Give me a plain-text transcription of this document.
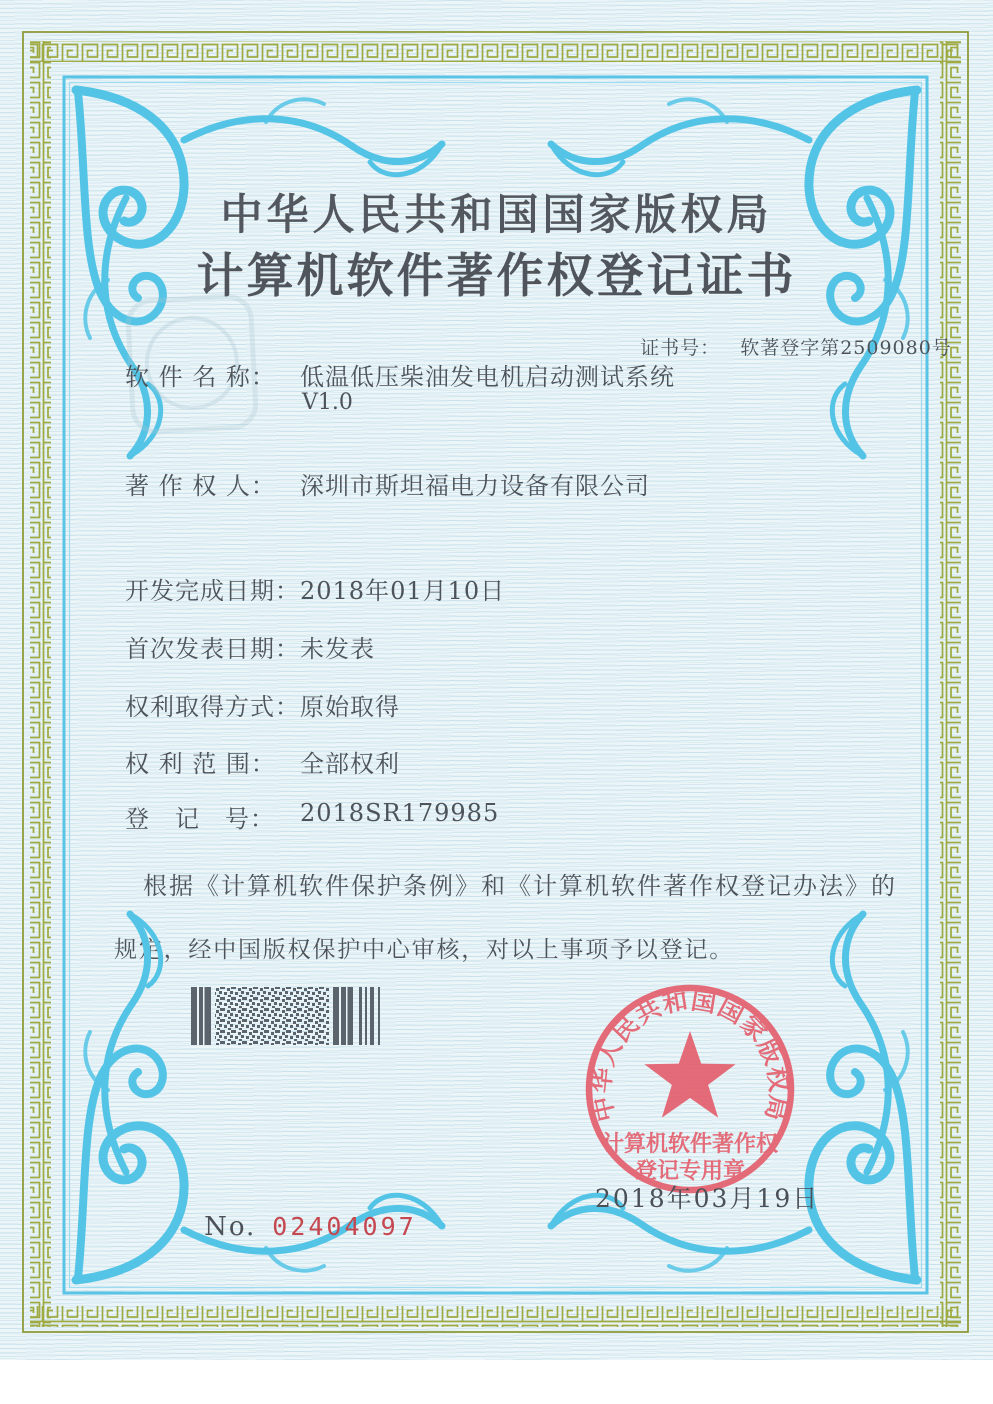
中华人民共和国国家版权局
计算机软件著作权登记证书

证书号： 软著登字第2509080号

软 件 名 称：

低温低压柴油发电机启动测试系统

V1.0

著 作 权 人：

深圳市斯坦福电力设备有限公司

开发完成日期：

2018年01月10日

首次发表日期：

未发表

权利取得方式：

原始取得

权 利 范 围：

全部权利

登　记　号：

2018SR179985

根据《计算机软件保护条例》和《计算机软件著作权登记办法》的
规定，经中国版权保护中心审核，对以上事项予以登记。
中华人民共和国国家版权局
计算机软件著作权
登记专用章
2018年03月19日

No. 02404097
